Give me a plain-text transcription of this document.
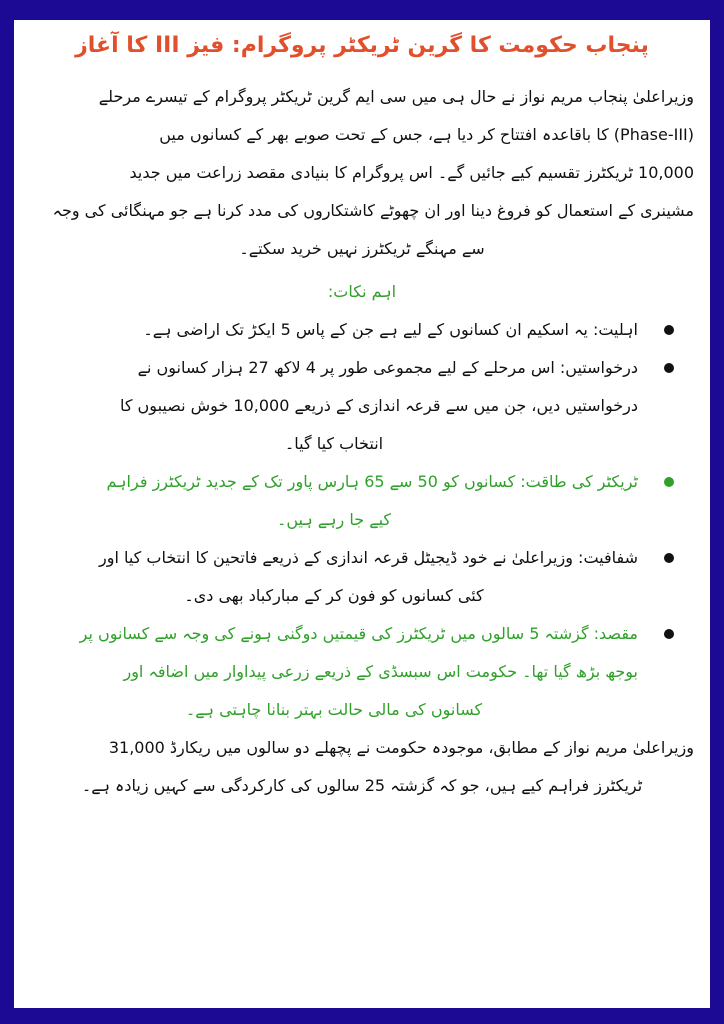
پنجاب حکومت کا گرین ٹریکٹر پروگرام: فیز III کا آغاز
وزیراعلیٰ پنجاب مریم نواز نے حال ہی میں سی ایم گرین ٹریکٹر پروگرام کے تیسرے مرحلے
(Phase-III) کا باقاعدہ افتتاح کر دیا ہے، جس کے تحت صوبے بھر کے کسانوں میں
10,000 ٹریکٹرز تقسیم کیے جائیں گے۔ اس پروگرام کا بنیادی مقصد زراعت میں جدید
مشینری کے استعمال کو فروغ دینا اور ان چھوٹے کاشتکاروں کی مدد کرنا ہے جو مہنگائی کی وجہ
سے مہنگے ٹریکٹرز نہیں خرید سکتے۔
اہم نکات:
اہلیت: یہ اسکیم ان کسانوں کے لیے ہے جن کے پاس 5 ایکڑ تک اراضی ہے۔
درخواستیں: اس مرحلے کے لیے مجموعی طور پر 4 لاکھ 27 ہزار کسانوں نے
درخواستیں دیں، جن میں سے قرعہ اندازی کے ذریعے 10,000 خوش نصیبوں کا
انتخاب کیا گیا۔
ٹریکٹر کی طاقت: کسانوں کو 50 سے 65 ہارس پاور تک کے جدید ٹریکٹرز فراہم
کیے جا رہے ہیں۔
شفافیت: وزیراعلیٰ نے خود ڈیجیٹل قرعہ اندازی کے ذریعے فاتحین کا انتخاب کیا اور
کئی کسانوں کو فون کر کے مبارکباد بھی دی۔
مقصد: گزشتہ 5 سالوں میں ٹریکٹرز کی قیمتیں دوگنی ہونے کی وجہ سے کسانوں پر
بوجھ بڑھ گیا تھا۔ حکومت اس سبسڈی کے ذریعے زرعی پیداوار میں اضافہ اور
کسانوں کی مالی حالت بہتر بنانا چاہتی ہے۔
وزیراعلیٰ مریم نواز کے مطابق، موجودہ حکومت نے پچھلے دو سالوں میں ریکارڈ 31,000
ٹریکٹرز فراہم کیے ہیں، جو کہ گزشتہ 25 سالوں کی کارکردگی سے کہیں زیادہ ہے۔
